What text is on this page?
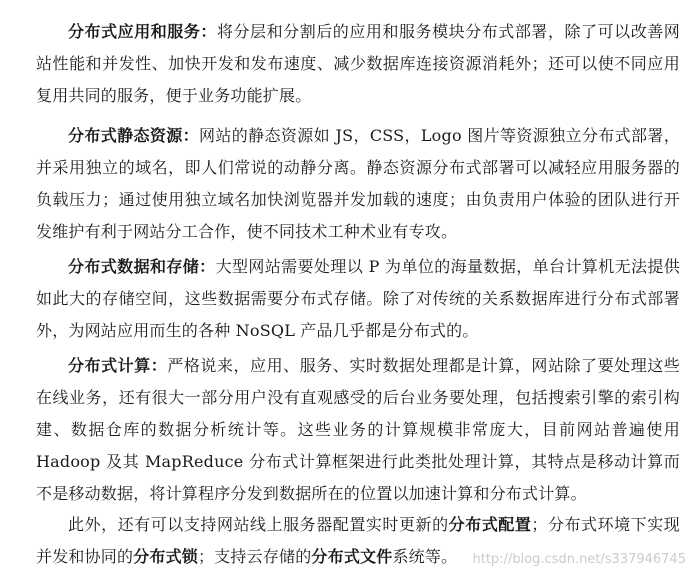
分布式应用和服务：将分层和分割后的应用和服务模块分布式部署，除了可以改善网站性能和并发性、加快开发和发布速度、减少数据库连接资源消耗外；还可以使不同应用复用共同的服务，便于业务功能扩展。

分布式静态资源：网站的静态资源如 JS，CSS，Logo 图片等资源独立分布式部署，并采用独立的域名，即人们常说的动静分离。静态资源分布式部署可以减轻应用服务器的负载压力；通过使用独立域名加快浏览器并发加载的速度；由负责用户体验的团队进行开发维护有利于网站分工合作，使不同技术工种术业有专攻。

分布式数据和存储：大型网站需要处理以 P 为单位的海量数据，单台计算机无法提供如此大的存储空间，这些数据需要分布式存储。除了对传统的关系数据库进行分布式部署外，为网站应用而生的各种 NoSQL 产品几乎都是分布式的。

分布式计算：严格说来，应用、服务、实时数据处理都是计算，网站除了要处理这些在线业务，还有很大一部分用户没有直观感受的后台业务要处理，包括搜索引擎的索引构建、数据仓库的数据分析统计等。这些业务的计算规模非常庞大，目前网站普遍使用 Hadoop 及其 MapReduce 分布式计算框架进行此类批处理计算，其特点是移动计算而不是移动数据，将计算程序分发到数据所在的位置以加速计算和分布式计算。

此外，还有可以支持网站线上服务器配置实时更新的分布式配置；分布式环境下实现并发和协同的分布式锁；支持云存储的分布式文件系统等。	http://blog.csdn.net/s337946745
